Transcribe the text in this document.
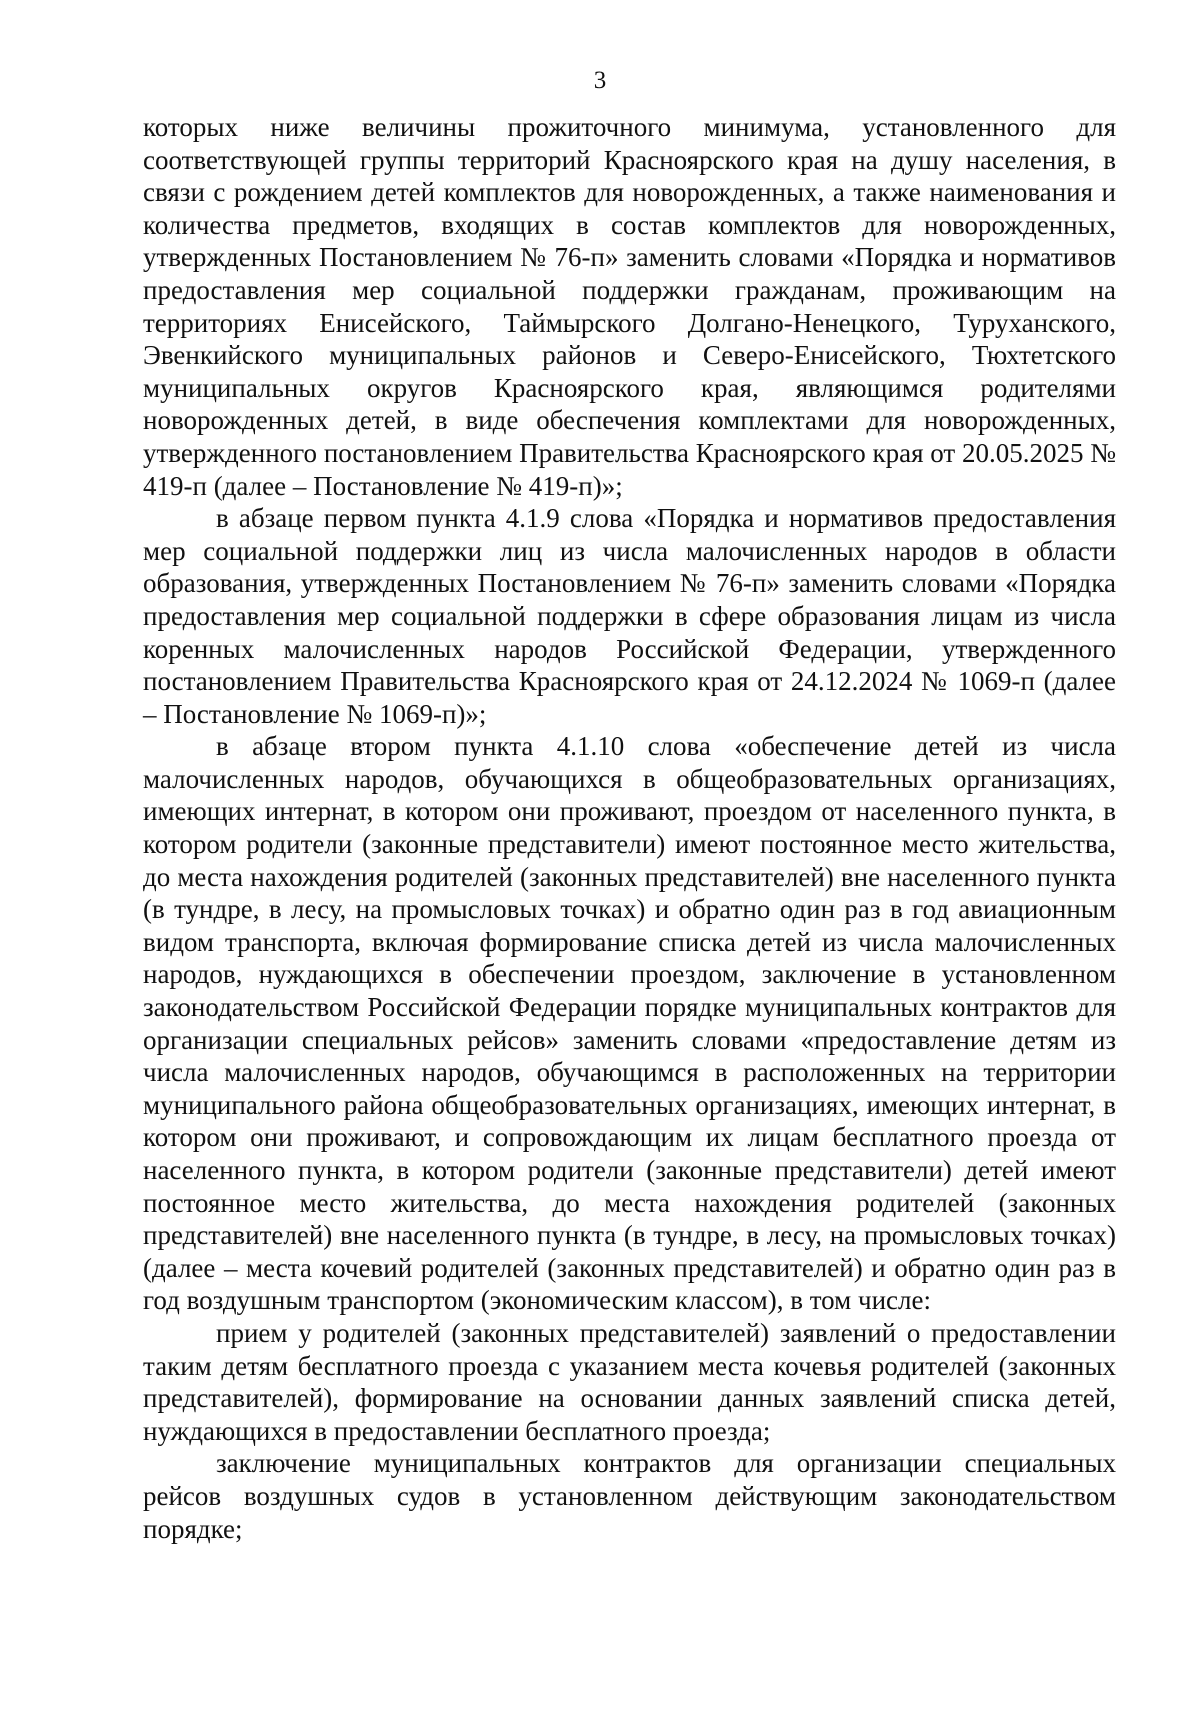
3

которых ниже величины прожиточного минимума, установленного для соответствующей группы территорий Красноярского края на душу населения, в связи с рождением детей комплектов для новорожденных, а также наименования и количества предметов, входящих в состав комплектов для новорожденных, утвержденных Постановлением № 76-п» заменить словами «Порядка и нормативов предоставления мер социальной поддержки гражданам, проживающим на территориях Енисейского, Таймырского Долгано-Ненецкого, Туруханского, Эвенкийского муниципальных районов и Северо-Енисейского, Тюхтетского муниципальных округов Красноярского края, являющимся родителями новорожденных детей, в виде обеспечения комплектами для новорожденных, утвержденного постановлением Правительства Красноярского края от 20.05.2025 № 419-п (далее – Постановление № 419-п)»;

в абзаце первом пункта 4.1.9 слова «Порядка и нормативов предоставления мер социальной поддержки лиц из числа малочисленных народов в области образования, утвержденных Постановлением № 76-п» заменить словами «Порядка предоставления мер социальной поддержки в сфере образования лицам из числа коренных малочисленных народов Российской Федерации, утвержденного постановлением Правительства Красноярского края от 24.12.2024 № 1069-п (далее – Постановление № 1069-п)»;

в абзаце втором пункта 4.1.10 слова «обеспечение детей из числа малочисленных народов, обучающихся в общеобразовательных организациях, имеющих интернат, в котором они проживают, проездом от населенного пункта, в котором родители (законные представители) имеют постоянное место жительства, до места нахождения родителей (законных представителей) вне населенного пункта (в тундре, в лесу, на промысловых точках) и обратно один раз в год авиационным видом транспорта, включая формирование списка детей из числа малочисленных народов, нуждающихся в обеспечении проездом, заключение в установленном законодательством Российской Федерации порядке муниципальных контрактов для организации специальных рейсов» заменить словами «предоставление детям из числа малочисленных народов, обучающимся в расположенных на территории муниципального района общеобразовательных организациях, имеющих интернат, в котором они проживают, и сопровождающим их лицам бесплатного проезда от населенного пункта, в котором родители (законные представители) детей имеют постоянное место жительства, до места нахождения родителей (законных представителей) вне населенного пункта (в тундре, в лесу, на промысловых точках) (далее – места кочевий родителей (законных представителей) и обратно один раз в год воздушным транспортом (экономическим классом), в том числе:

прием у родителей (законных представителей) заявлений о предоставлении таким детям бесплатного проезда с указанием места кочевья родителей (законных представителей), формирование на основании данных заявлений списка детей, нуждающихся в предоставлении бесплатного проезда;

заключение муниципальных контрактов для организации специальных рейсов воздушных судов в установленном действующим законодательством порядке;
